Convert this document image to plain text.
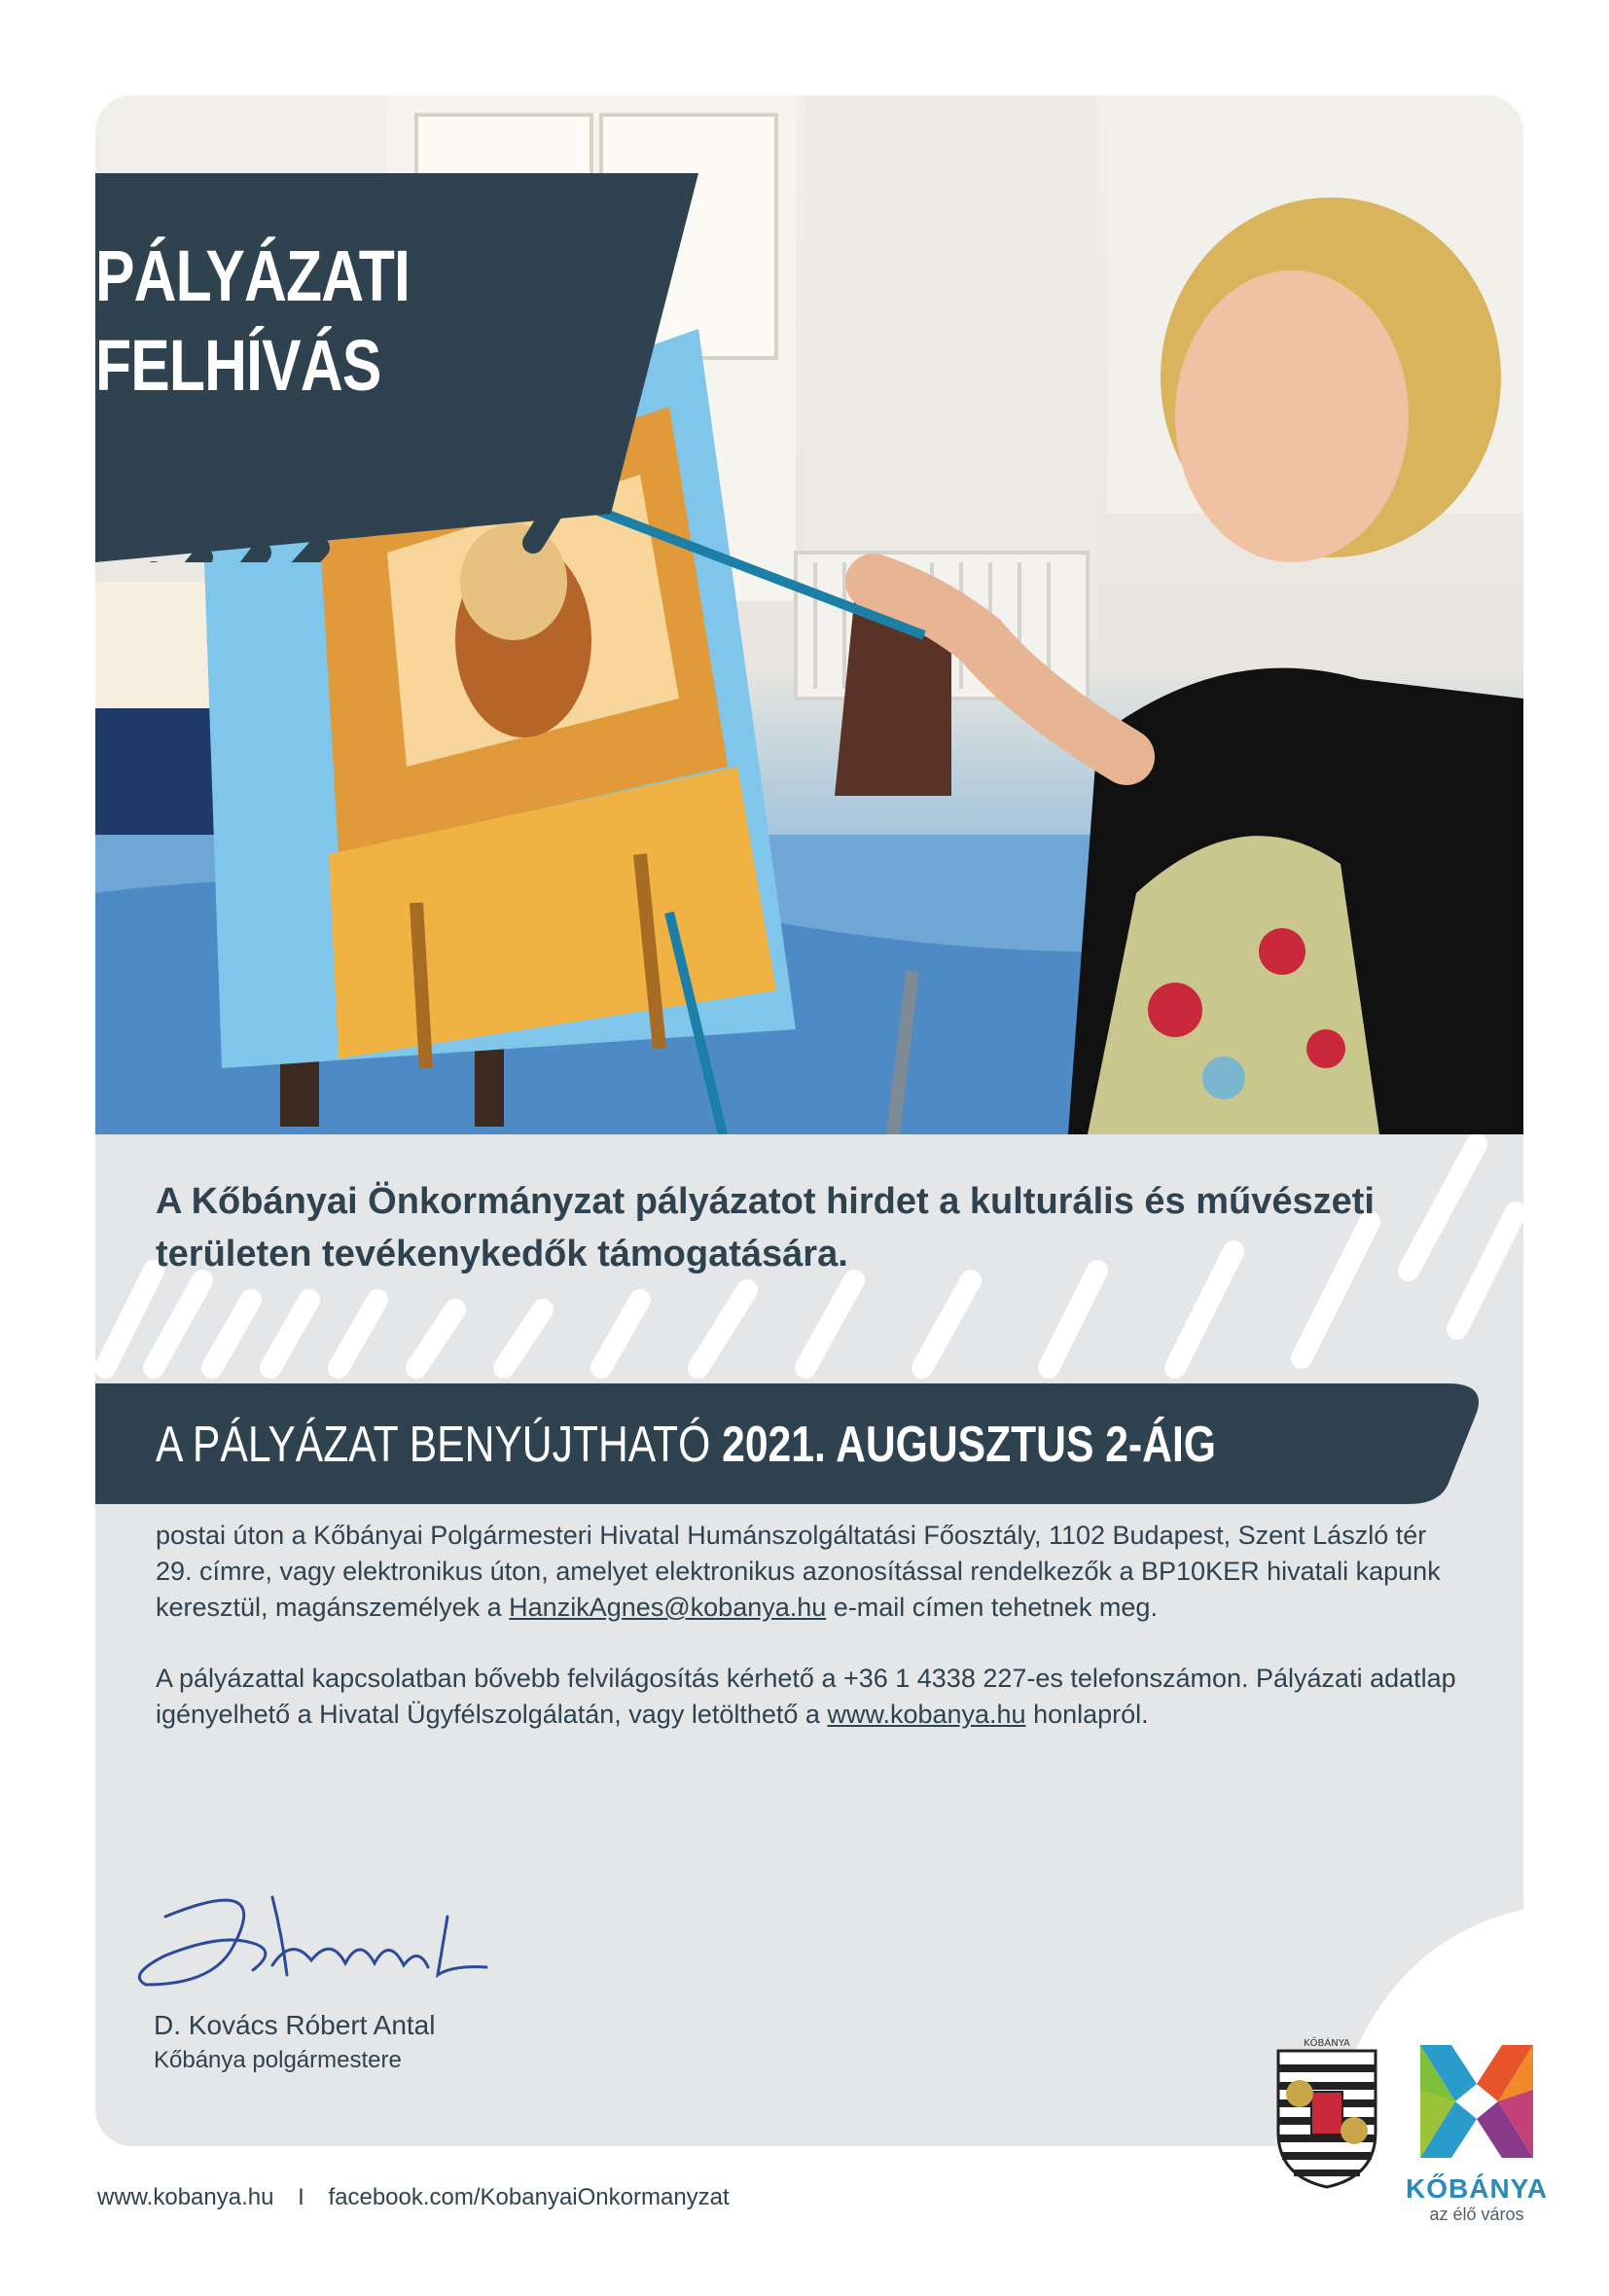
PÁLYÁZATI
FELHÍVÁS
A Kőbányai Önkormányzat pályázatot hirdet a kulturális és művészeti területen tevékenykedők támogatására.
A PÁLYÁZAT BENYÚJTHATÓ 2021. AUGUSZTUS 2-ÁIG

postai úton a Kőbányai Polgármesteri Hivatal Humánszolgáltatási Főosztály, 1102 Budapest, Szent László tér 29. címre, vagy elektronikus úton, amelyet elektronikus azonosítással rendelkezők a BP10KER hivatali kapunk keresztül, magánszemélyek a HanzikAgnes@kobanya.hu e-mail címen tehetnek meg.

A pályázattal kapcsolatban bővebb felvilágosítás kérhető a +36 1 4338 227-es telefonszámon. Pályázati adatlap igényelhető a Hivatal Ügyfélszolgálatán, vagy letölthető a www.kobanya.hu honlapról.

D. Kovács Róbert Antal
Kőbánya polgármestere
KŐBÁNYA
KŐBÁNYA
az élő város
www.kobanya.hu I facebook.com/KobanyaiOnkormanyzat
